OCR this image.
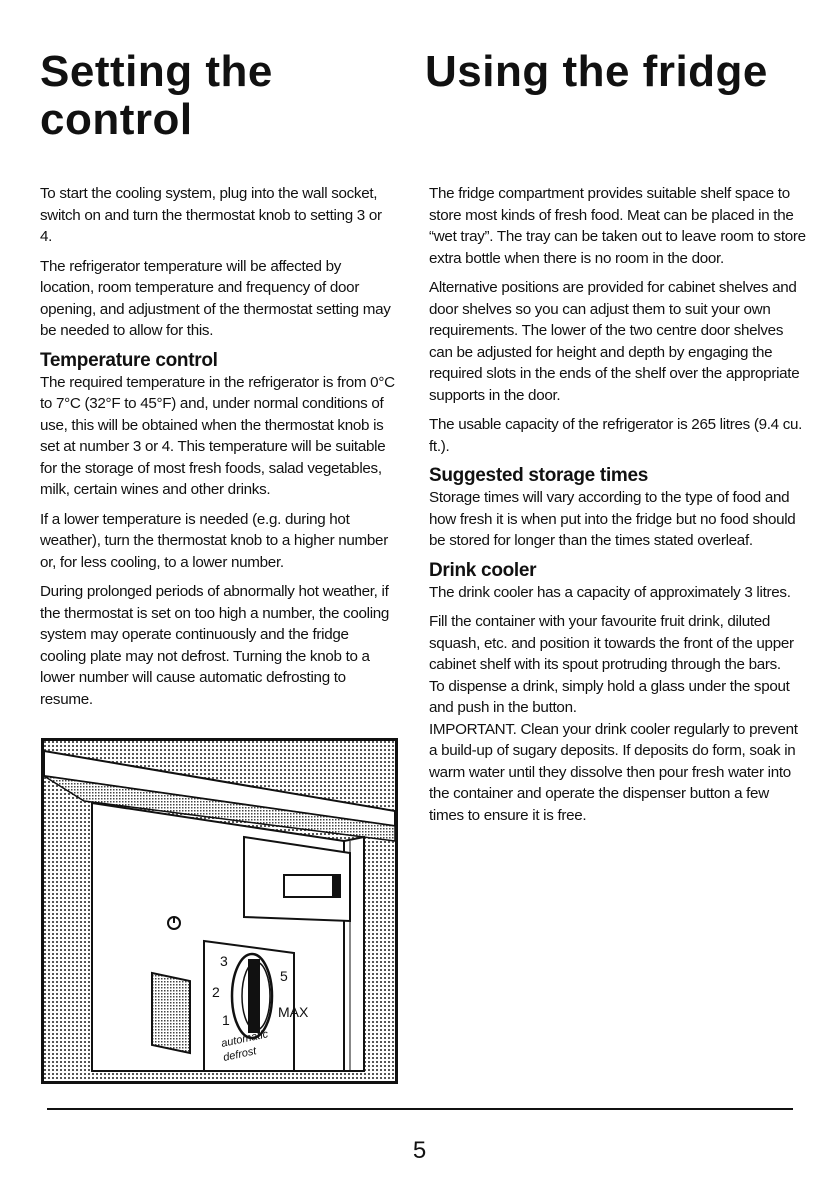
Setting the
control
Using the fridge

To start the cooling system, plug into the wall socket, switch on and turn the thermostat knob to setting 3 or 4.

The refrigerator temperature will be affected by location, room temperature and frequency of door opening, and adjustment of the thermostat setting may be needed to allow for this.

Temperature control

The required temperature in the refrigerator is from 0°C to 7°C (32°F to 45°F) and, under normal conditions of use, this will be obtained when the thermostat knob is set at number 3 or 4. This temperature will be suitable for the storage of most fresh foods, salad vegetables, milk, certain wines and other drinks.

If a lower temperature is needed (e.g. during hot weather), turn the thermostat knob to a higher number or, for less cooling, to a lower number.

During prolonged periods of abnormally hot weather, if the thermostat is set on too high a number, the cooling system may operate continuously and the fridge cooling plate may not defrost. Turning the knob to a lower number will cause automatic defrosting to resume.

3
2
1
5
MAX
automatic
defrost

The fridge compartment provides suitable shelf space to store most kinds of fresh food. Meat can be placed in the “wet tray”. The tray can be taken out to leave room to store extra bottle when there is no room in the door.

Alternative positions are provided for cabinet shelves and door shelves so you can adjust them to suit your own requirements. The lower of the two centre door shelves can be adjusted for height and depth by engaging the required slots in the ends of the shelf over the appropriate supports in the door.

The usable capacity of the refrigerator is 265 litres (9.4 cu. ft.).

Suggested storage times

Storage times will vary according to the type of food and how fresh it is when put into the fridge but no food should be stored for longer than the times stated overleaf.

Drink cooler

The drink cooler has a capacity of approximately 3 litres.

Fill the container with your favourite fruit drink, diluted squash, etc. and position it towards the front of the upper cabinet shelf with its spout protruding through the bars.

To dispense a drink, simply hold a glass under the spout and push in the button.

IMPORTANT. Clean your drink cooler regularly to prevent a build-up of sugary deposits. If deposits do form, soak in warm water until they dissolve then pour fresh water into the container and operate the dispenser button a few times to ensure it is free.

5
